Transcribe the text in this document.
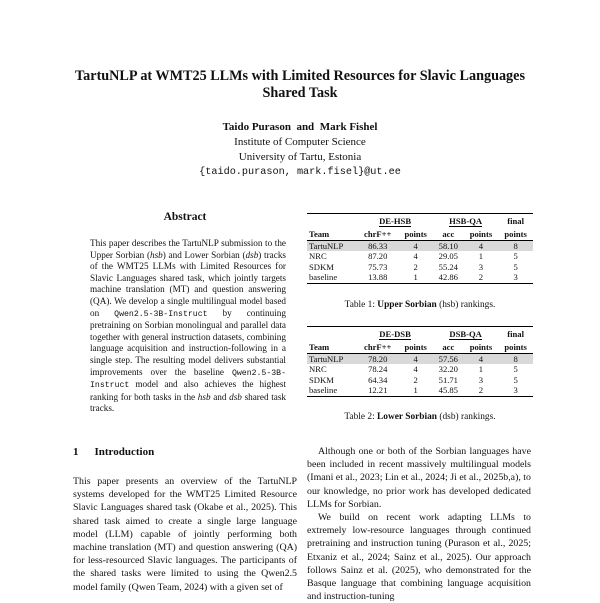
TartuNLP at WMT25 LLMs with Limited Resources for Slavic Languages
Shared Task
Taido Purason and Mark Fishel
Institute of Computer Science
University of Tartu, Estonia
{taido.purason, mark.fisel}@ut.ee
Abstract
This paper describes the TartuNLP submission to the Upper Sorbian (hsb) and Lower Sorbian (dsb) tracks of the WMT25 LLMs with Limited Resources for Slavic Languages shared task, which jointly targets machine translation (MT) and question answering (QA). We develop a single multilingual model based on Qwen2.5-3B-Instruct by continuing pretraining on Sorbian monolingual and parallel data together with general instruction datasets, combining language acquisition and instruction-following in a single step. The resulting model delivers substantial improvements over the baseline Qwen2.5-3B-Instruct model and also achieves the highest ranking for both tasks in the hsb and dsb shared task tracks.
1 Introduction
This paper presents an overview of the TartuNLP systems developed for the WMT25 Limited Resource Slavic Languages shared task (Okabe et al., 2025). This shared task aimed to create a single large language model (LLM) capable of jointly performing both machine translation (MT) and question answering (QA) for less-resourced Slavic languages. The participants of the shared tasks were limited to using the Qwen2.5 model family (Qwen Team, 2024) with a given set of

Although one or both of the Sorbian languages have been included in recent massively multilingual models (Imani et al., 2023; Lin et al., 2024; Ji et al., 2025b,a), to our knowledge, no prior work has developed dedicated LLMs for Sorbian.

We build on recent work adapting LLMs to extremely low-resource languages through continued pretraining and instruction tuning (Purason et al., 2025; Etxaniz et al., 2024; Sainz et al., 2025). Our approach follows Sainz et al. (2025), who demonstrated for the Basque language that combining language acquisition and instruction-tuning

	DE-HSB		HSB-QA		final
Team	chrF++	points	acc	points	points
TartuNLP	86.33	4	58.10	4	8
NRC	87.20	4	29.05	1	5
SDKM	75.73	2	55.24	3	5
baseline	13.88	1	42.86	2	3
Table 1: Upper Sorbian (hsb) rankings.
	DE-DSB		DSB-QA		final
Team	chrF++	points	acc	points	points
TartuNLP	78.20	4	57.56	4	8
NRC	78.24	4	32.20	1	5
SDKM	64.34	2	51.71	3	5
baseline	12.21	1	45.85	2	3
Table 2: Lower Sorbian (dsb) rankings.
